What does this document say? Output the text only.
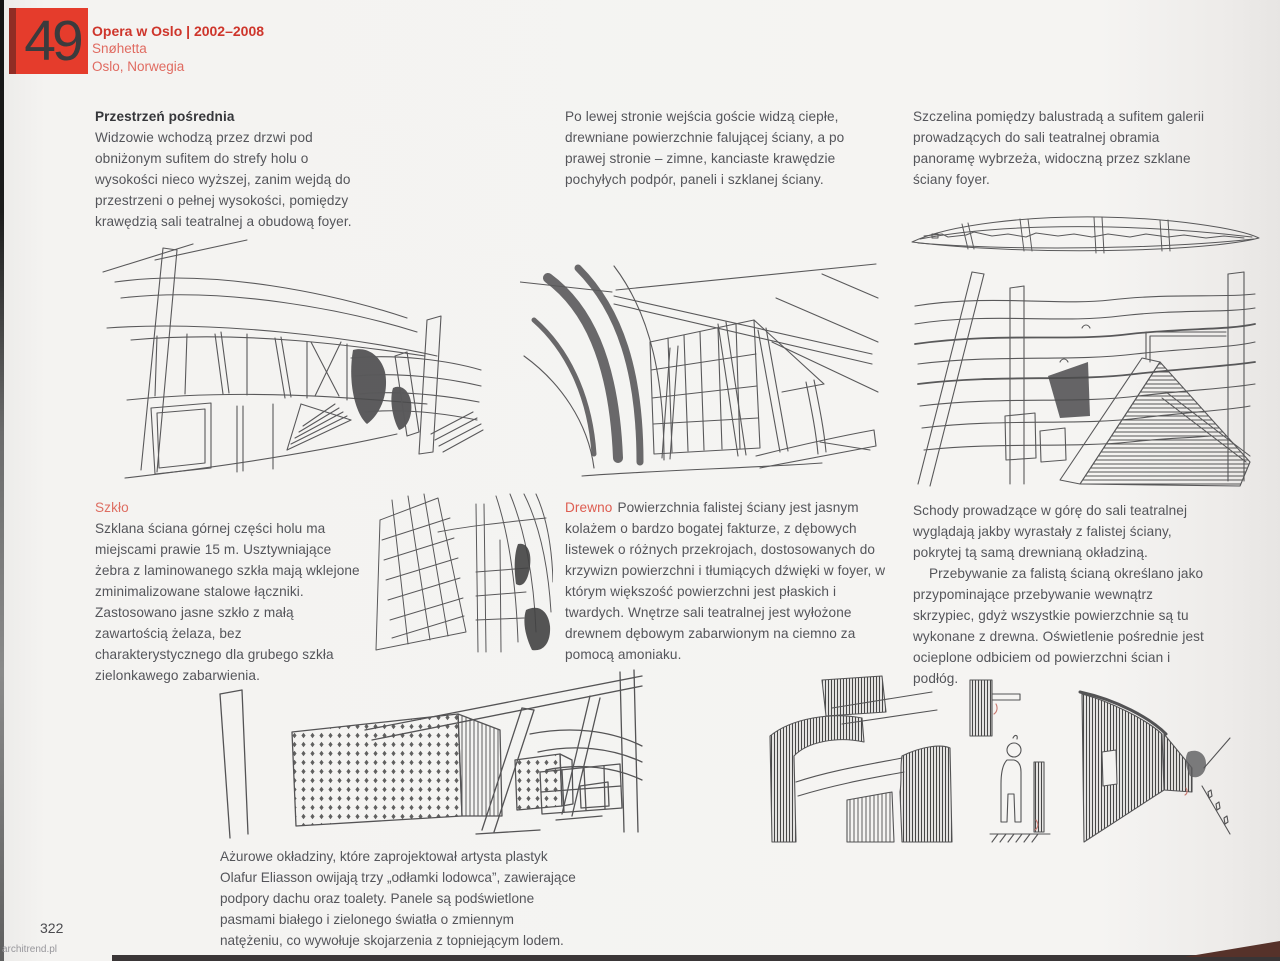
49 Opera w Oslo | 2002–2008
Snøhetta
Oslo, Norwegia

Przestrzeń pośrednia

Widzowie wchodzą przez drzwi pod obniżonym sufitem do strefy holu o wysokości nieco wyższej, zanim wejdą do przestrzeni o pełnej wysokości, pomiędzy krawędzią sali teatralnej a obudową foyer.

Po lewej stronie wejścia goście widzą ciepłe, drewniane powierzchnie falującej ściany, a po prawej stronie – zimne, kanciaste krawędzie pochyłych podpór, paneli i szklanej ściany.

Szczelina pomiędzy balustradą a sufitem galerii prowadzących do sali teatralnej obramia panoramę wybrzeża, widoczną przez szklane ściany foyer.

Szkło

Szklana ściana górnej części holu ma miejscami prawie 15 m. Usztywniające żebra z laminowanego szkła mają wklejone zminimalizowane stalowe łączniki. Zastosowano jasne szkło z małą zawartością żelaza, bez charakterystycznego dla grubego szkła zielonkawego zabarwienia.

Drewno Powierzchnia falistej ściany jest jasnym kolażem o bardzo bogatej fakturze, z dębowych listewek o różnych przekrojach, dostosowanych do krzywizn powierzchni i tłumiących dźwięki w foyer, w którym większość powierzchni jest płaskich i twardych. Wnętrze sali teatralnej jest wyłożone drewnem dębowym zabarwionym na ciemno za pomocą amoniaku.

Schody prowadzące w górę do sali teatralnej wyglądają jakby wyrastały z falistej ściany, pokrytej tą samą drewnianą okładziną.

Przebywanie za falistą ścianą określano jako przypominające przebywanie wewnątrz skrzypiec, gdyż wszystkie powierzchnie są tu wykonane z drewna. Oświetlenie pośrednie jest ocieplone odbiciem od powierzchni ścian i podłóg.

Ażurowe okładziny, które zaprojektował artysta plastyk Olafur Eliasson owijają trzy „odłamki lodowca”, zawierające podpory dachu oraz toalety. Panele są podświetlone pasmami białego i zielonego światła o zmiennym natężeniu, co wywołuje skojarzenia z topniejącym lodem.

322
architrend.pl
